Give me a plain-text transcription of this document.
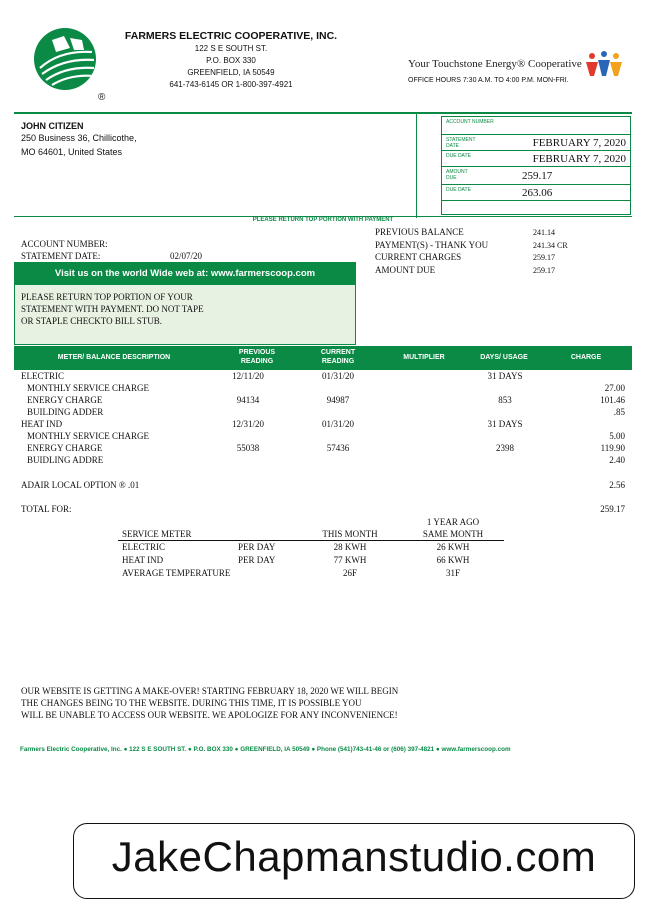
®
FARMERS ELECTRIC COOPERATIVE, INC.
122 S E SOUTH ST.
P.O. BOX 330
GREENFIELD, IA 50549
641-743-6145 OR 1-800-397-4921
Your Touchstone Energy® Cooperative
OFFICE HOURS 7:30 A.M. TO 4:00 P.M. MON-FRI.
JOHN CITIZEN
250 Business 36, Chillicothe,
MO 64601, United States
ACCOUNT NUMBER
STATEMENT DATE	FEBRUARY 7, 2020
DUE DATE	FEBRUARY 7, 2020
AMOUNT DUE	259.17
DUE DATE	263.06
PLEASE RETURN TOP PORTION WITH PAYMENT
ACCOUNT NUMBER:
STATEMENT DATE:	02/07/20
Visit us on the world Wide web at: www.farmerscoop.com
PLEASE RETURN TOP PORTION OF YOUR
STATEMENT WITH PAYMENT. DO NOT TAPE
OR STAPLE CHECKTO BILL STUB.
PREVIOUS BALANCE	241.14
PAYMENT(S) - THANK YOU	241.34 CR
CURRENT CHARGES	259.17
AMOUNT DUE	259.17
METER/ BALANCE DESCRIPTION
PREVIOUS
READING
CURRENT
READING
MULTIPLIER	DAYS/ USAGE	CHARGE
ELECTRIC	12/11/20	01/31/20	31 DAYS
MONTHLY SERVICE CHARGE	27.00
ENERGY CHARGE	94134	94987	853	101.46
BUILDING ADDER	.85
HEAT IND	12/31/20	01/31/20	31 DAYS
MONTHLY SERVICE CHARGE	5.00
ENERGY CHARGE	55038	57436	2398	119.90
BUIDLING ADDRE	2.40
ADAIR LOCAL OPTION ® .01	2.56
TOTAL FOR:	259.17
SERVICE METER	THIS MONTH
1 YEAR AGO
SAME MONTH
ELECTRIC	PER DAY	28 KWH	26 KWH
HEAT IND	PER DAY	77 KWH	66 KWH
AVERAGE TEMPERATURE	26F	31F
OUR WEBSITE IS GETTING A MAKE-OVER! STARTING FEBRUARY 18, 2020 WE WILL BEGIN
THE CHANGES BEING TO THE WEBSITE. DURING THIS TIME, IT IS POSSIBLE YOU
WILL BE UNABLE TO ACCESS OUR WEBSITE. WE APOLOGIZE FOR ANY INCONVENIENCE!
Farmers Electric Cooperative, Inc. ● 122 S E SOUTH ST. ● P.O. BOX 330 ● GREENFIELD, IA 50549 ● Phone (541)743-41-46 or (606) 397-4821 ● www.farmerscoop.com
JakeChapmanstudio.com
